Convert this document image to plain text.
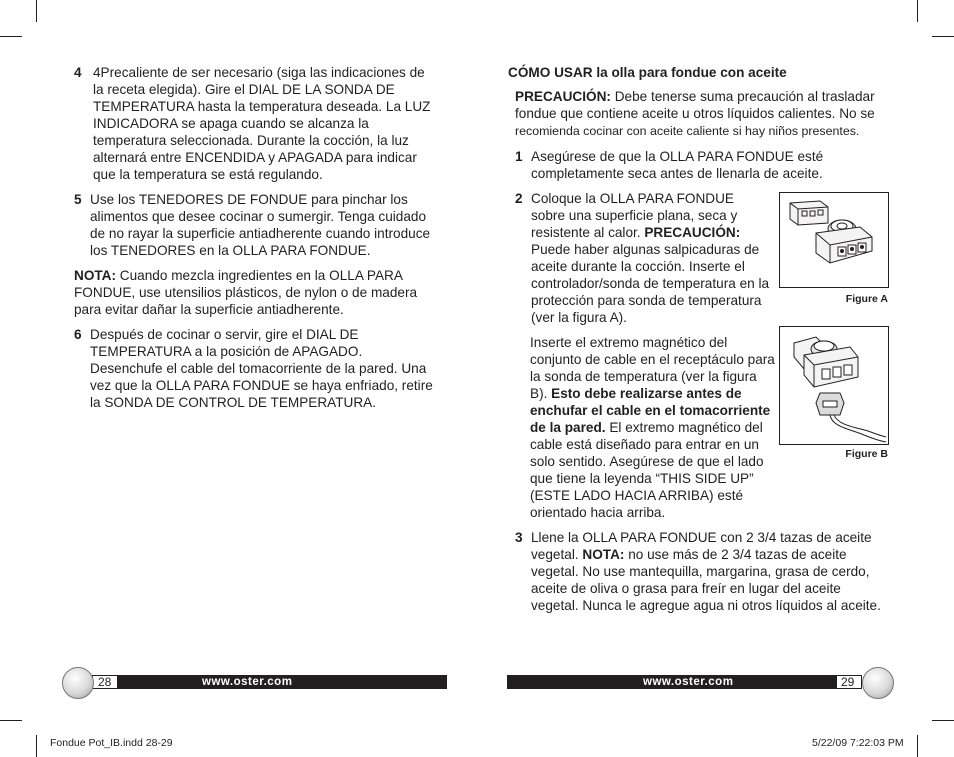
4 4Precaliente de ser necesario (siga las indicaciones de la receta elegida). Gire el DIAL DE LA SONDA DE TEMPERATURA hasta la temperatura deseada. La LUZ INDICADORA se apaga cuando se alcanza la temperatura seleccionada. Durante la cocción, la luz alternará entre ENCENDIDA y APAGADA para indicar que la temperatura se está regulando.
5 Use los TENEDORES DE FONDUE para pinchar los alimentos que desee cocinar o sumergir. Tenga cuidado de no rayar la superficie antiadherente cuando introduce los TENEDORES en la OLLA PARA FONDUE.
NOTA: Cuando mezcla ingredientes en la OLLA PARA FONDUE, use utensilios plásticos, de nylon o de madera para evitar dañar la superficie antiadherente.
6 Después de cocinar o servir, gire el DIAL DE TEMPERATURA a la posición de APAGADO. Desenchufe el cable del tomacorriente de la pared. Una vez que la OLLA PARA FONDUE se haya enfriado, retire la SONDA DE CONTROL DE TEMPERATURA.
CÓMO USAR la olla para fondue con aceite
PRECAUCIÓN: Debe tenerse suma precaución al trasladar fondue que contiene aceite u otros líquidos calientes. No se recomienda cocinar con aceite caliente si hay niños presentes.
1 Asegúrese de que la OLLA PARA FONDUE esté completamente seca antes de llenarla de aceite.
2 Coloque la OLLA PARA FONDUE sobre una superficie plana, seca y resistente al calor. PRECAUCIÓN: Puede haber algunas salpicaduras de aceite durante la cocción. Inserte el controlador/sonda de temperatura en la protección para sonda de temperatura (ver la figura A).
Inserte el extremo magnético del conjunto de cable en el receptáculo para la sonda de temperatura (ver la figura B). Esto debe realizarse antes de enchufar el cable en el tomacorriente de la pared. El extremo magnético del cable está diseñado para entrar en un solo sentido. Asegúrese de que el lado que tiene la leyenda “THIS SIDE UP” (ESTE LADO HACIA ARRIBA) esté orientado hacia arriba.
3 Llene la OLLA PARA FONDUE con 2 3/4 tazas de aceite vegetal. NOTA: no use más de 2 3/4 tazas de aceite vegetal. No use mantequilla, margarina, grasa de cerdo, aceite de oliva o grasa para freír en lugar del aceite vegetal. Nunca le agregue agua ni otros líquidos al aceite.
Figure A
Figure B
www.oster.com
28	www.oster.com	29
Fondue Pot_IB.indd 28-29	5/22/09 7:22:03 PM
